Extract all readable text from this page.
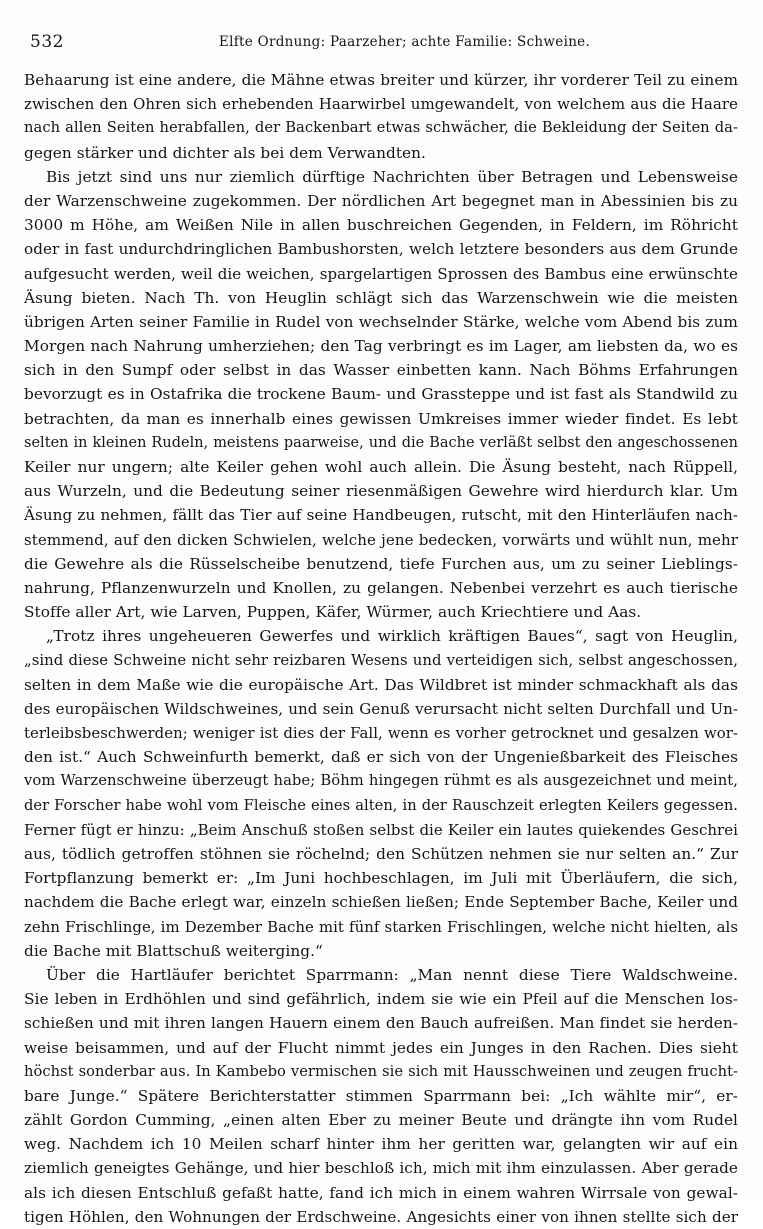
532	Elfte Ordnung: Paarzeher; achte Familie: Schweine.
Behaarung ist eine andere, die Mähne etwas breiter und kürzer, ihr vorderer Teil zu einem
zwischen den Ohren sich erhebenden Haarwirbel umgewandelt, von welchem aus die Haare
nach allen Seiten herabfallen, der Backenbart etwas schwächer, die Bekleidung der Seiten da-
gegen stärker und dichter als bei dem Verwandten.
Bis jetzt sind uns nur ziemlich dürftige Nachrichten über Betragen und Lebensweise
der Warzenschweine zugekommen. Der nördlichen Art begegnet man in Abessinien bis zu
3000 m Höhe, am Weißen Nile in allen buschreichen Gegenden, in Feldern, im Röhricht
oder in fast undurchdringlichen Bambushorsten, welch letztere besonders aus dem Grunde
aufgesucht werden, weil die weichen, spargelartigen Sprossen des Bambus eine erwünschte
Äsung bieten. Nach Th. von Heuglin schlägt sich das Warzenschwein wie die meisten
übrigen Arten seiner Familie in Rudel von wechselnder Stärke, welche vom Abend bis zum
Morgen nach Nahrung umherziehen; den Tag verbringt es im Lager, am liebsten da, wo es
sich in den Sumpf oder selbst in das Wasser einbetten kann. Nach Böhms Erfahrungen
bevorzugt es in Ostafrika die trockene Baum- und Grassteppe und ist fast als Standwild zu
betrachten, da man es innerhalb eines gewissen Umkreises immer wieder findet. Es lebt
selten in kleinen Rudeln, meistens paarweise, und die Bache verläßt selbst den angeschossenen
Keiler nur ungern; alte Keiler gehen wohl auch allein. Die Äsung besteht, nach Rüppell,
aus Wurzeln, und die Bedeutung seiner riesenmäßigen Gewehre wird hierdurch klar. Um
Äsung zu nehmen, fällt das Tier auf seine Handbeugen, rutscht, mit den Hinterläufen nach-
stemmend, auf den dicken Schwielen, welche jene bedecken, vorwärts und wühlt nun, mehr
die Gewehre als die Rüsselscheibe benutzend, tiefe Furchen aus, um zu seiner Lieblings-
nahrung, Pflanzenwurzeln und Knollen, zu gelangen. Nebenbei verzehrt es auch tierische
Stoffe aller Art, wie Larven, Puppen, Käfer, Würmer, auch Kriechtiere und Aas.
„Trotz ihres ungeheueren Gewerfes und wirklich kräftigen Baues“, sagt von Heuglin,
„sind diese Schweine nicht sehr reizbaren Wesens und verteidigen sich, selbst angeschossen,
selten in dem Maße wie die europäische Art. Das Wildbret ist minder schmackhaft als das
des europäischen Wildschweines, und sein Genuß verursacht nicht selten Durchfall und Un-
terleibsbeschwerden; weniger ist dies der Fall, wenn es vorher getrocknet und gesalzen wor-
den ist.“ Auch Schweinfurth bemerkt, daß er sich von der Ungenießbarkeit des Fleisches
vom Warzenschweine überzeugt habe; Böhm hingegen rühmt es als ausgezeichnet und meint,
der Forscher habe wohl vom Fleische eines alten, in der Rauschzeit erlegten Keilers gegessen.
Ferner fügt er hinzu: „Beim Anschuß stoßen selbst die Keiler ein lautes quiekendes Geschrei
aus, tödlich getroffen stöhnen sie röchelnd; den Schützen nehmen sie nur selten an.“ Zur
Fortpflanzung bemerkt er: „Im Juni hochbeschlagen, im Juli mit Überläufern, die sich,
nachdem die Bache erlegt war, einzeln schießen ließen; Ende September Bache, Keiler und
zehn Frischlinge, im Dezember Bache mit fünf starken Frischlingen, welche nicht hielten, als
die Bache mit Blattschuß weiterging.“
Über die Hartläufer berichtet Sparrmann: „Man nennt diese Tiere Waldschweine.
Sie leben in Erdhöhlen und sind gefährlich, indem sie wie ein Pfeil auf die Menschen los-
schießen und mit ihren langen Hauern einem den Bauch aufreißen. Man findet sie herden-
weise beisammen, und auf der Flucht nimmt jedes ein Junges in den Rachen. Dies sieht
höchst sonderbar aus. In Kambebo vermischen sie sich mit Hausschweinen und zeugen frucht-
bare Junge.“ Spätere Berichterstatter stimmen Sparrmann bei: „Ich wählte mir“, er-
zählt Gordon Cumming, „einen alten Eber zu meiner Beute und drängte ihn vom Rudel
weg. Nachdem ich 10 Meilen scharf hinter ihm her geritten war, gelangten wir auf ein
ziemlich geneigtes Gehänge, und hier beschloß ich, mich mit ihm einzulassen. Aber gerade
als ich diesen Entschluß gefaßt hatte, fand ich mich in einem wahren Wirrsale von gewal-
tigen Höhlen, den Wohnungen der Erdschweine. Angesichts einer von ihnen stellte sich der
